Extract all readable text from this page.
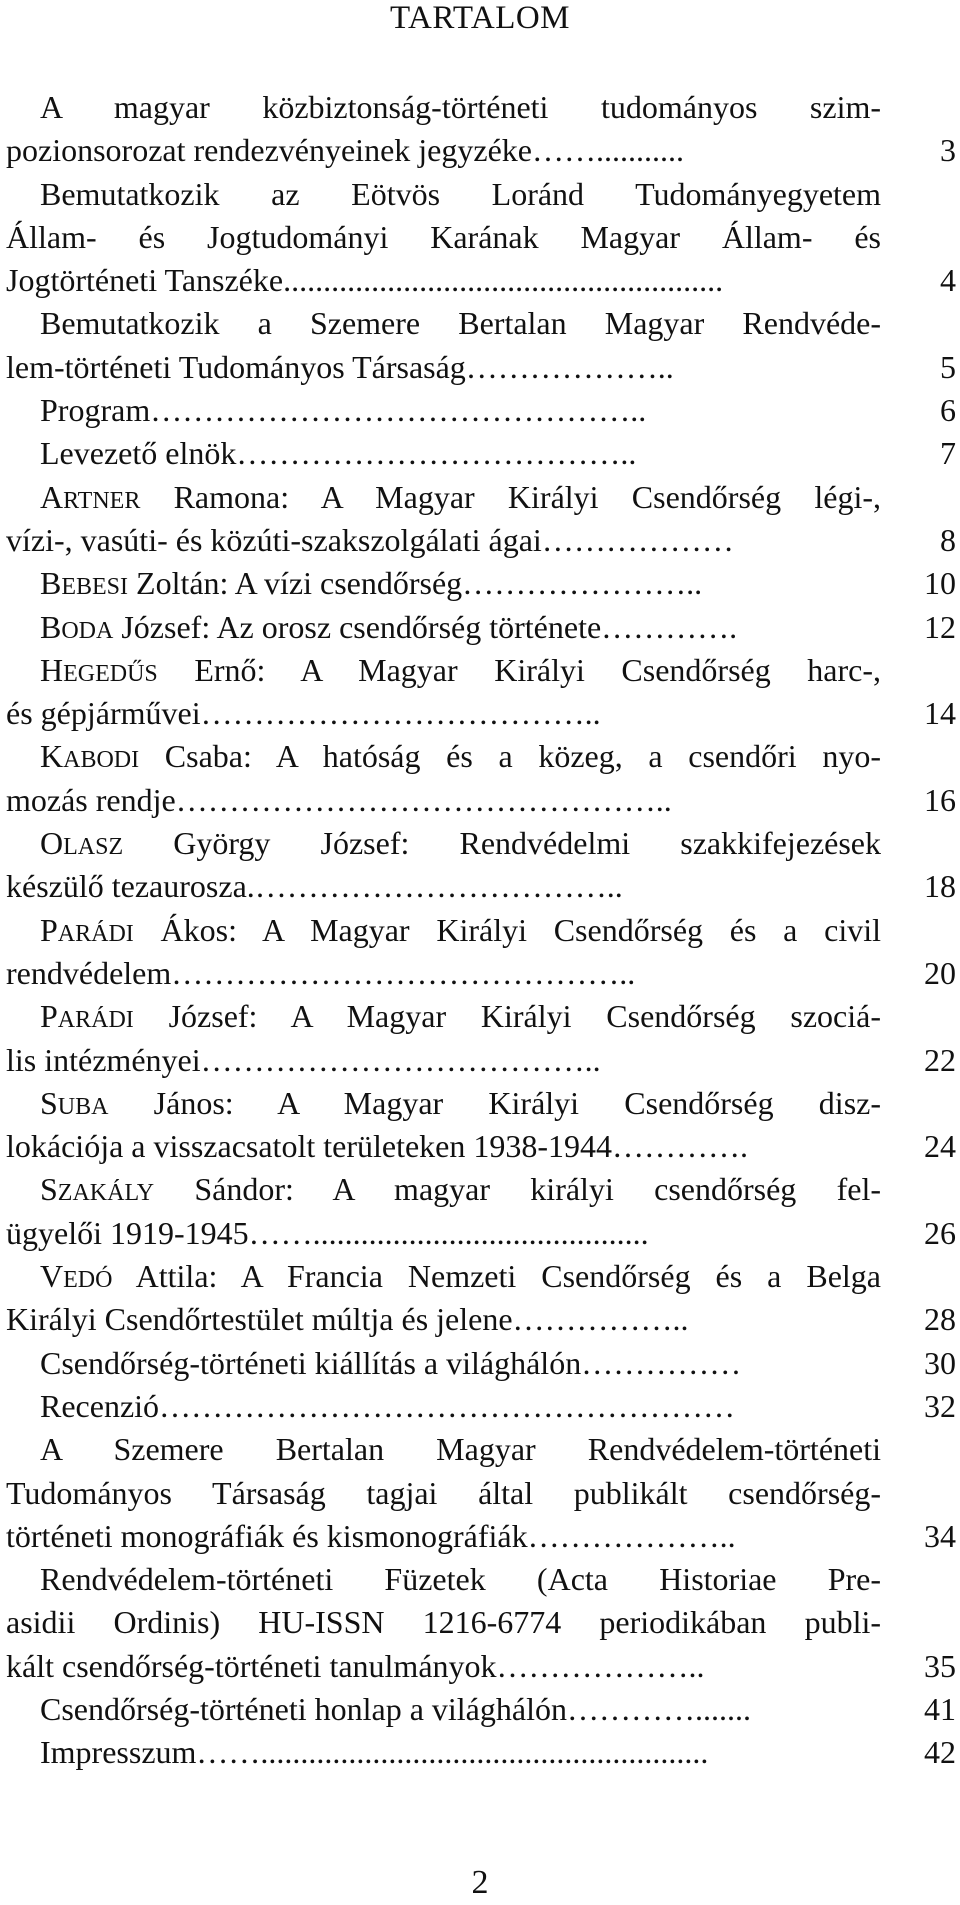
TARTALOM
A magyar közbiztonság-történeti tudományos szim-
pozionsorozat rendezvényeinek jegyzéke……...........	3
Bemutatkozik az Eötvös Loránd Tudományegyetem
Állam- és Jogtudományi Karának Magyar Állam- és
Jogtörténeti Tanszéke.......................................................	4
Bemutatkozik a Szemere Bertalan Magyar Rendvéde-
lem-történeti Tudományos Társaság………………..	5
Program………………………………………..	6
Levezető elnök………………………………..	7
ARTNER Ramona: A Magyar Királyi Csendőrség légi-,
vízi-, vasúti- és közúti-szakszolgálati ágai………………	8
BEBESI Zoltán: A vízi csendőrség…………………..	10
BODA József: Az orosz csendőrség története………….	12
HEGEDŰS Ernő: A Magyar Királyi Csendőrség harc-,
és gépjárművei………………………………..	14
KABODI Csaba: A hatóság és a közeg, a csendőri nyo-
mozás rendje………………………………………..	16
OLASZ György József: Rendvédelmi szakkifejezések
készülő tezaurosza.……………………………..	18
PARÁDI Ákos: A Magyar Királyi Csendőrség és a civil
rendvédelem……………………………………..	20
PARÁDI József: A Magyar Királyi Csendőrség szociá-
lis intézményei………………………………..	22
SUBA János: A Magyar Királyi Csendőrség disz-
lokációja a visszacsatolt területeken 1938-1944………….	24
SZAKÁLY Sándor: A magyar királyi csendőrség fel-
ügyelői 1919-1945……..........................................	26
VEDÓ Attila: A Francia Nemzeti Csendőrség és a Belga
Királyi Csendőrtestület múltja és jelene……………..	28
Csendőrség-történeti kiállítás a világhálón……………	30
Recenzió………………………………………………	32
A Szemere Bertalan Magyar Rendvédelem-történeti
Tudományos Társaság tagjai által publikált csendőrség-
történeti monográfiák és kismonográfiák………………..	34
Rendvédelem-történeti Füzetek (Acta Historiae Pre-
asidii Ordinis) HU-ISSN 1216-6774 periodikában publi-
kált csendőrség-történeti tanulmányok………………..	35
Csendőrség-történeti honlap a világhálón………….......	41
Impresszum……........................................................	42
2
